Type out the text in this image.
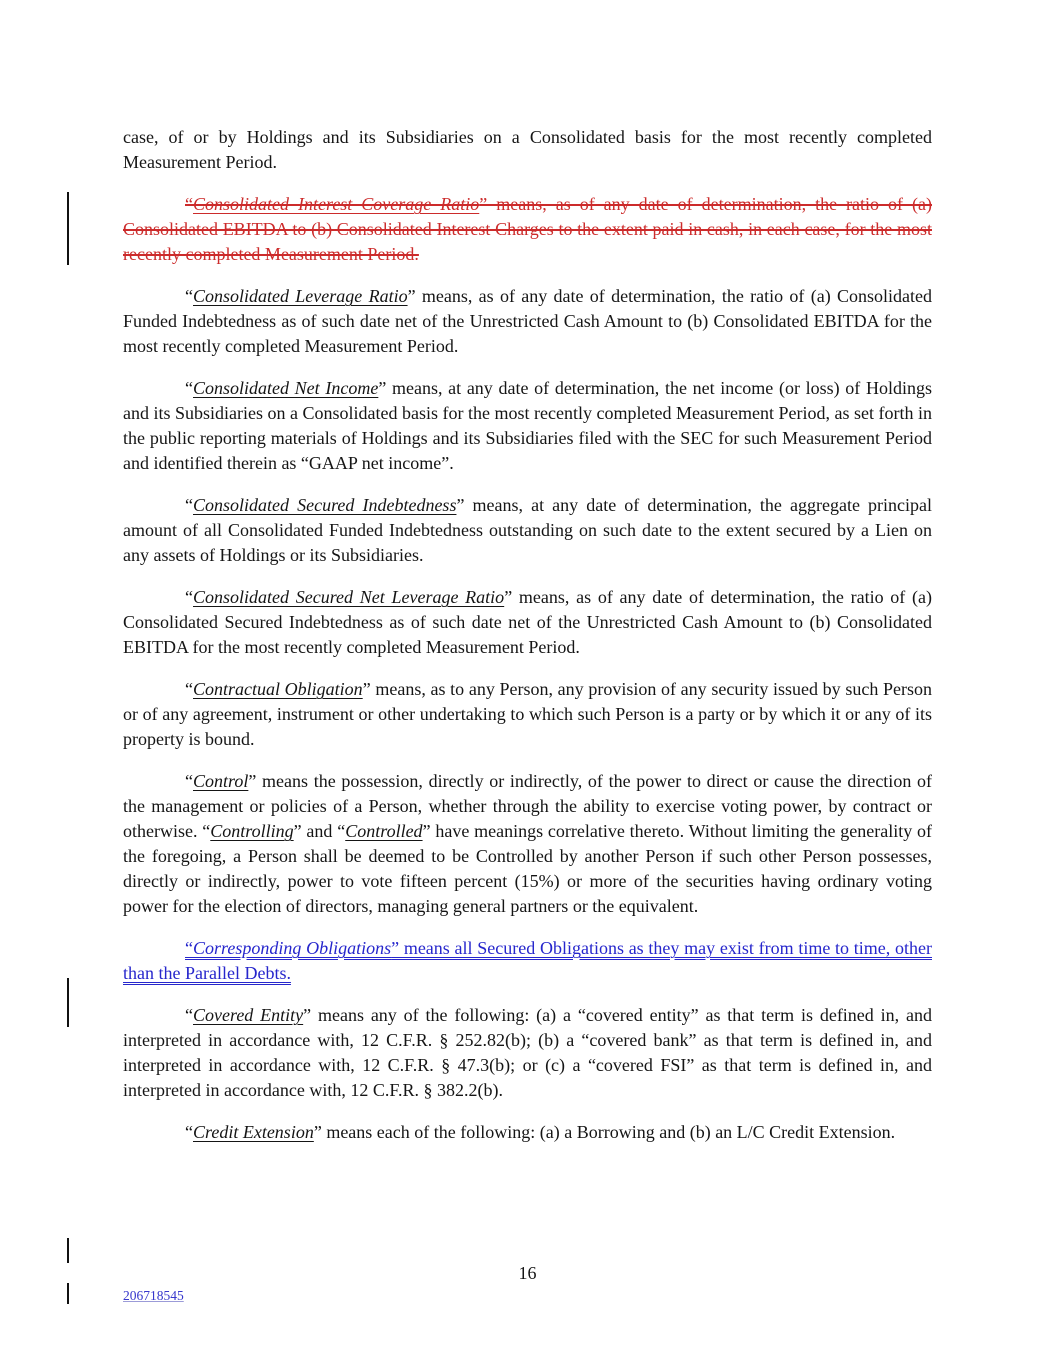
case, of or by Holdings and its Subsidiaries on a Consolidated basis for the most recently completed Measurement Period.

“Consolidated Interest Coverage Ratio” means, as of any date of determination, the ratio of (a) Consolidated EBITDA to (b) Consolidated Interest Charges to the extent paid in cash, in each case, for the most recently completed Measurement Period.

“Consolidated Leverage Ratio” means, as of any date of determination, the ratio of (a) Consolidated Funded Indebtedness as of such date net of the Unrestricted Cash Amount to (b) Consolidated EBITDA for the most recently completed Measurement Period.

“Consolidated Net Income” means, at any date of determination, the net income (or loss) of Holdings and its Subsidiaries on a Consolidated basis for the most recently completed Measurement Period, as set forth in the public reporting materials of Holdings and its Subsidiaries filed with the SEC for such Measurement Period and identified therein as “GAAP net income”.

“Consolidated Secured Indebtedness” means, at any date of determination, the aggregate principal amount of all Consolidated Funded Indebtedness outstanding on such date to the extent secured by a Lien on any assets of Holdings or its Subsidiaries.

“Consolidated Secured Net Leverage Ratio” means, as of any date of determination, the ratio of (a) Consolidated Secured Indebtedness as of such date net of the Unrestricted Cash Amount to (b) Consolidated EBITDA for the most recently completed Measurement Period.

“Contractual Obligation” means, as to any Person, any provision of any security issued by such Person or of any agreement, instrument or other undertaking to which such Person is a party or by which it or any of its property is bound.

“Control” means the possession, directly or indirectly, of the power to direct or cause the direction of the management or policies of a Person, whether through the ability to exercise voting power, by contract or otherwise. “Controlling” and “Controlled” have meanings correlative thereto. Without limiting the generality of the foregoing, a Person shall be deemed to be Controlled by another Person if such other Person possesses, directly or indirectly, power to vote fifteen percent (15%) or more of the securities having ordinary voting power for the election of directors, managing general partners or the equivalent.

“Corresponding Obligations” means all Secured Obligations as they may exist from time to time, other than the Parallel Debts.

“Covered Entity” means any of the following: (a) a “covered entity” as that term is defined in, and interpreted in accordance with, 12 C.F.R. § 252.82(b); (b) a “covered bank” as that term is defined in, and interpreted in accordance with, 12 C.F.R. § 47.3(b); or (c) a “covered FSI” as that term is defined in, and interpreted in accordance with, 12 C.F.R. § 382.2(b).

“Credit Extension” means each of the following: (a) a Borrowing and (b) an L/C Credit Extension.

16
206718545
